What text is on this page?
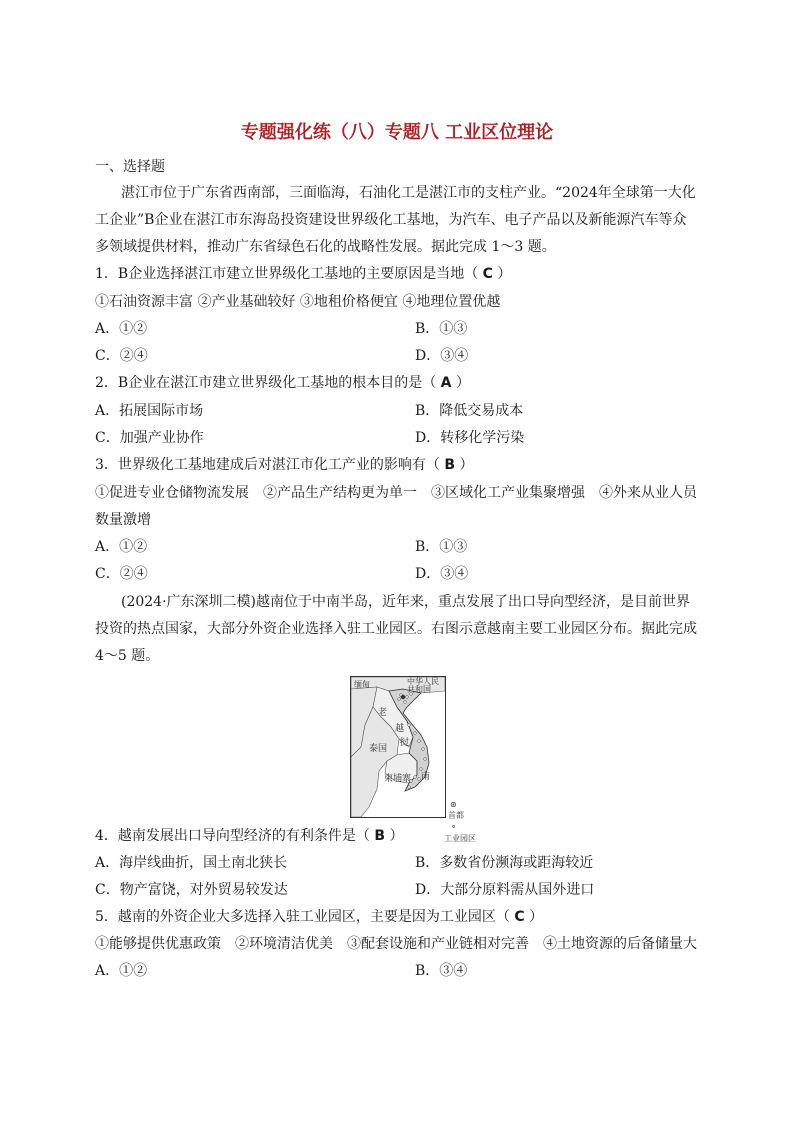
专题强化练（八）专题八 工业区位理论
一、选择题
湛江市位于广东省西南部，三面临海，石油化工是湛江市的支柱产业。“2024年全球第一大化
工企业”B企业在湛江市东海岛投资建设世界级化工基地，为汽车、电子产品以及新能源汽车等众
多领域提供材料，推动广东省绿色石化的战略性发展。据此完成 1～3 题。
1．B企业选择湛江市建立世界级化工基地的主要原因是当地（ C ）
①石油资源丰富 ②产业基础较好 ③地租价格便宜 ④地理位置优越
A．①②	B．①③
C．②④	D．③④
2．B企业在湛江市建立世界级化工基地的根本目的是（ A ）
A．拓展国际市场	B．降低交易成本
C．加强产业协作	D．转移化学污染
3．世界级化工基地建成后对湛江市化工产业的影响有（ B ）
①促进专业仓储物流发展　②产品生产结构更为单一　③区域化工产业集聚增强　④外来从业人员
数量激增
A．①②	B．①③
C．②④	D．③④
(2024·广东深圳二模)越南位于中南半岛，近年来，重点发展了出口导向型经济，是目前世界
投资的热点国家，大部分外资企业选择入驻工业园区。右图示意越南主要工业园区分布。据此完成
4～5 题。
缅甸	中华人民共和国
老
挝
泰国
柬埔寨
越
南
⊛
首都
∘
工业园区
4．越南发展出口导向型经济的有利条件是（ B ）
A．海岸线曲折，国土南北狭长	B．多数省份濒海或距海较近
C．物产富饶，对外贸易较发达	D．大部分原料需从国外进口
5．越南的外资企业大多选择入驻工业园区，主要是因为工业园区（ C ）
①能够提供优惠政策　②环境清洁优美　③配套设施和产业链相对完善　④土地资源的后备储量大
A．①②	B．③④
